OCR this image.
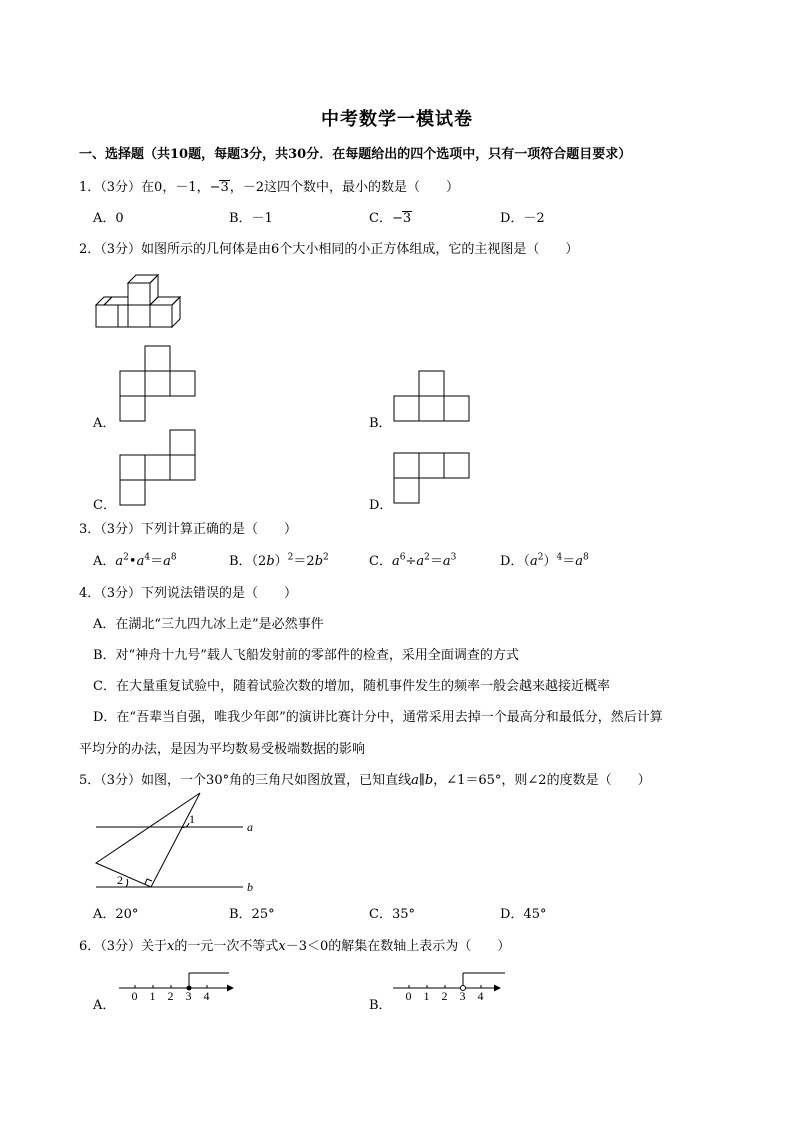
中考数学一模试卷
一、选择题（共10题，每题3分，共30分．在每题给出的四个选项中，只有一项符合题目要求）
1．（3分）在0，－1，−3，－2这四个数中，最小的数是（　　）
A．0	B．－1	C．−3	D．－2
2．（3分）如图所示的几何体是由6个大小相同的小正方体组成，它的主视图是（　　）
A．	B．
C．	D．
3．（3分）下列计算正确的是（　　）
A．$a^2•a^4=a^8$	B．$(2b)^2=2b^2$	C．$a^6\div a^2=a^3$	D．$(a^2)^4=a^8$
4．（3分）下列说法错误的是（　　）
A．在湖北“三九四九冰上走”是必然事件
B．对“神舟十九号”载人飞船发射前的零部件的检查，采用全面调查的方式
C．在大量重复试验中，随着试验次数的增加，随机事件发生的频率一般会越来越接近概率
D．在“吾辈当自强，唯我少年郎”的演讲比赛计分中，通常采用去掉一个最高分和最低分，然后计算
平均分的办法，是因为平均数易受极端数据的影响
5．（3分）如图，一个30°角的三角尺如图放置，已知直线a∥b，∠1＝65°，则∠2的度数是（　　）
a
b
1
2
A．20°	B．25°	C．35°	D．45°
6．（3分）关于x的一元一次不等式x－3＜0的解集在数轴上表示为（　　）
A．
0 1 2 3 4
B．
0 1 2 3 4
